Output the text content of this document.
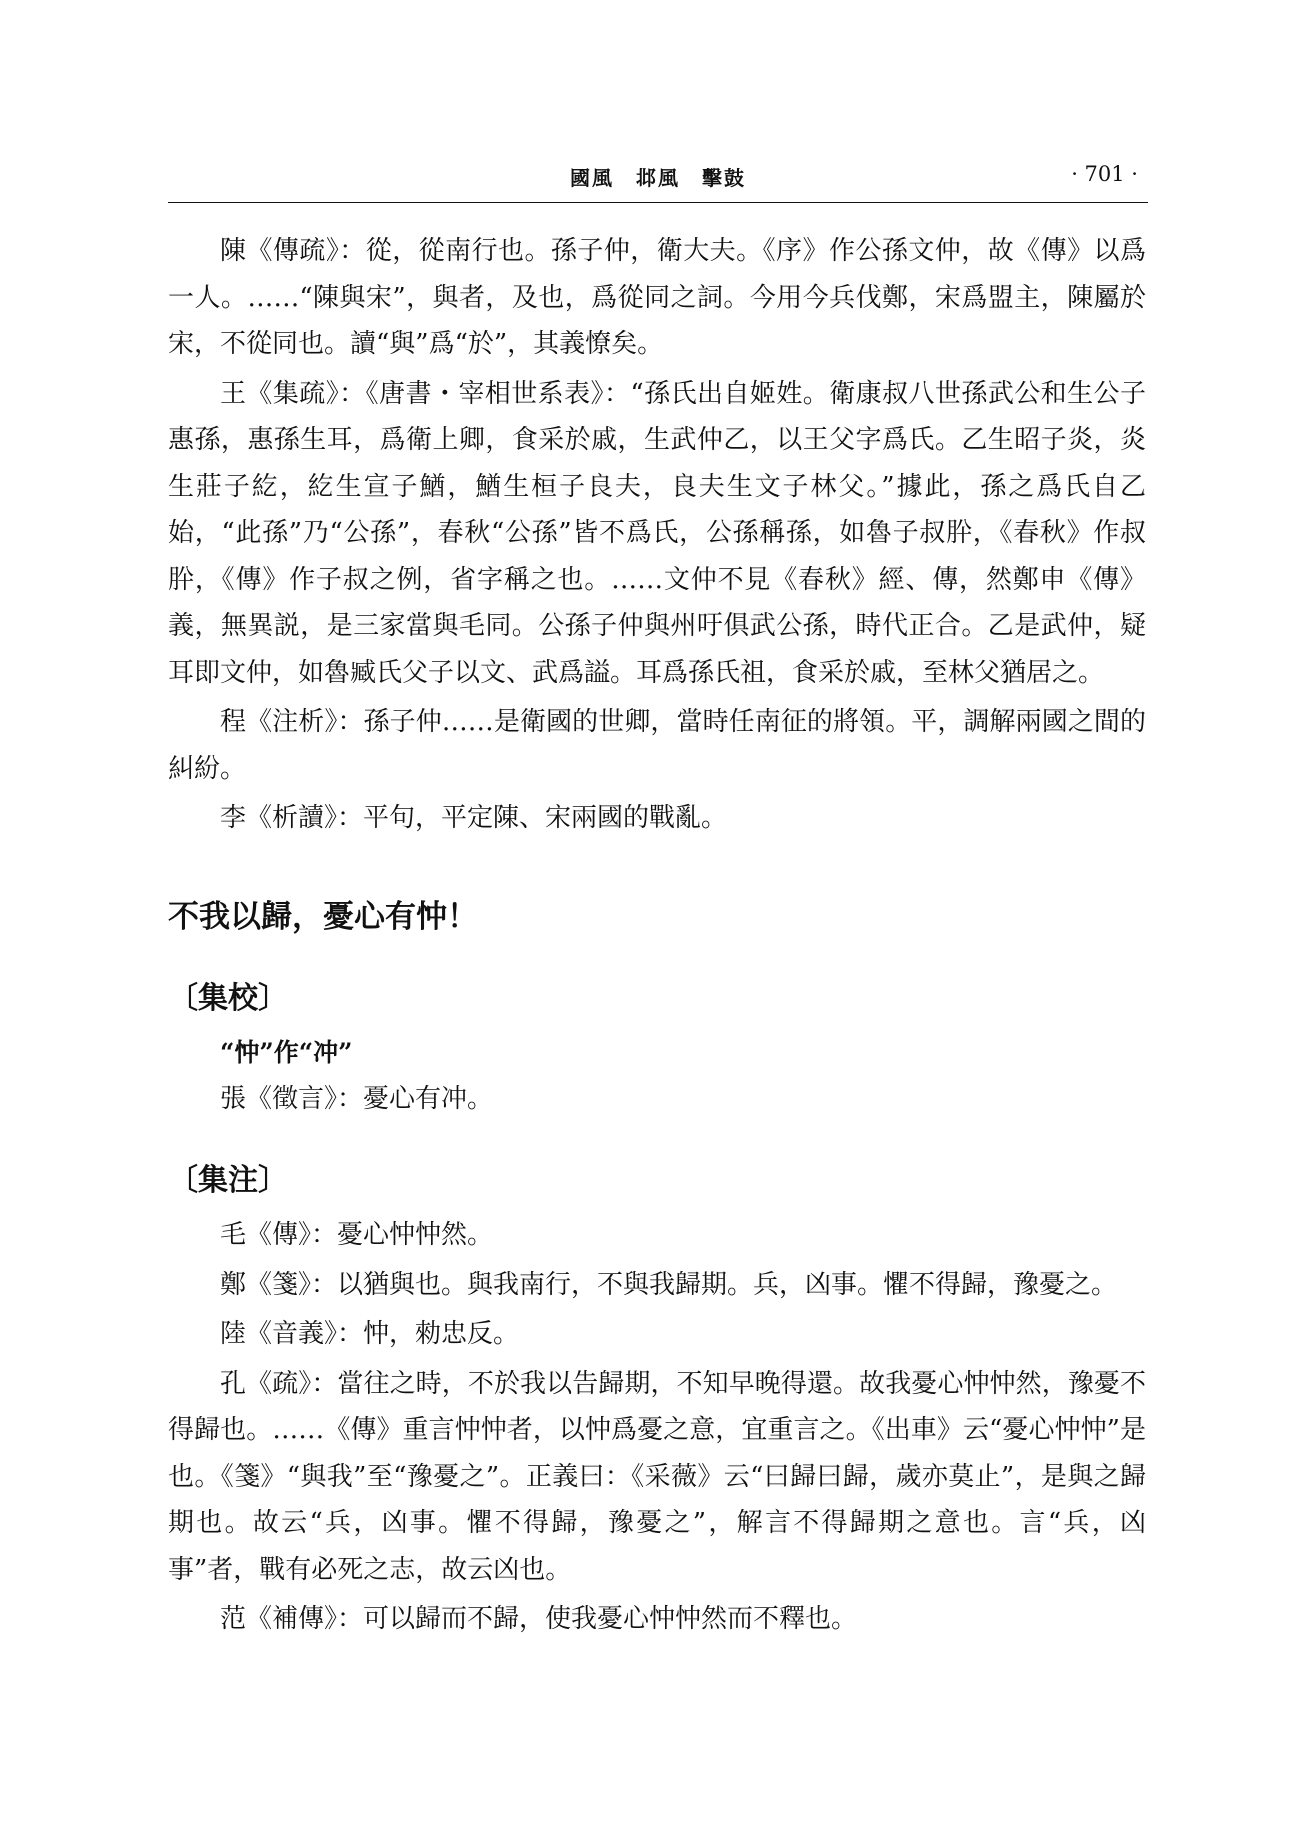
國風　邶風　擊鼓	· 701 ·

陳《傳疏》：從，從南行也。孫子仲，衛大夫。《序》作公孫文仲，故《傳》以爲一人。……“陳與宋”，與者，及也，爲從同之詞。今用今兵伐鄭，宋爲盟主，陳屬於宋，不從同也。讀“與”爲“於”，其義憭矣。

王《集疏》：《唐書・宰相世系表》：“孫氏出自姬姓。衛康叔八世孫武公和生公子惠孫，惠孫生耳，爲衛上卿，食采於戚，生武仲乙，以王父字爲氏。乙生昭子炎，炎生莊子紇，紇生宣子鰌，鰌生桓子良夫，良夫生文子林父。”據此，孫之爲氏自乙始，“此孫”乃“公孫”，春秋“公孫”皆不爲氏，公孫稱孫，如魯子叔肸，《春秋》作叔肸，《傳》作子叔之例，省字稱之也。……文仲不見《春秋》經、傳，然鄭申《傳》義，無異説，是三家當與毛同。公孫子仲與州吁俱武公孫，時代正合。乙是武仲，疑耳即文仲，如魯臧氏父子以文、武爲謚。耳爲孫氏祖，食采於戚，至林父猶居之。

程《注析》：孫子仲……是衛國的世卿，當時任南征的將領。平，調解兩國之間的糾紛。

李《析讀》：平句，平定陳、宋兩國的戰亂。

不我以歸，憂心有忡！
〔集校〕
“忡”作“冲”

張《徵言》：憂心有冲。

〔集注〕

毛《傳》：憂心忡忡然。

鄭《箋》：以猶與也。與我南行，不與我歸期。兵，凶事。懼不得歸，豫憂之。

陸《音義》：忡，勑忠反。

孔《疏》：當往之時，不於我以告歸期，不知早晚得還。故我憂心忡忡然，豫憂不得歸也。……《傳》重言忡忡者，以忡爲憂之意，宜重言之。《出車》云“憂心忡忡”是也。《箋》“與我”至“豫憂之”。正義曰：《采薇》云“曰歸曰歸，歲亦莫止”，是與之歸期也。故云“兵，凶事。懼不得歸，豫憂之”，解言不得歸期之意也。言“兵，凶事”者，戰有必死之志，故云凶也。

范《補傳》：可以歸而不歸，使我憂心忡忡然而不釋也。
